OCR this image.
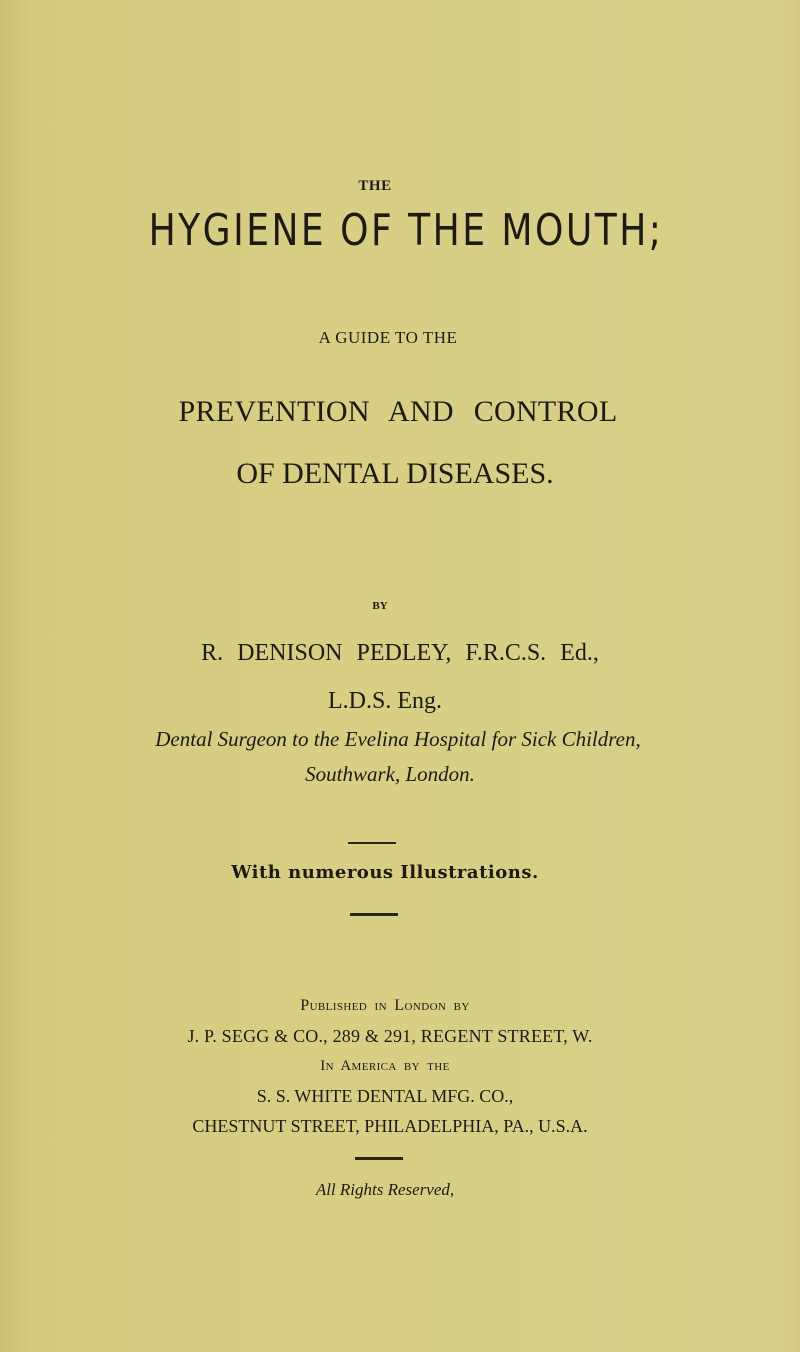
THE
HYGIENE OF THE MOUTH;
A GUIDE TO THE
PREVENTION AND CONTROL
OF DENTAL DISEASES.
BY
R. DENISON PEDLEY, F.R.C.S. Ed.,
L.D.S. Eng.
Dental Surgeon to the Evelina Hospital for Sick Children,
Southwark, London.
With numerous Illustrations.
Published in London by
J. P. SEGG & CO., 289 & 291, REGENT STREET, W.
In America by the
S. S. WHITE DENTAL MFG. CO.,
CHESTNUT STREET, PHILADELPHIA, PA., U.S.A.
All Rights Reserved,
